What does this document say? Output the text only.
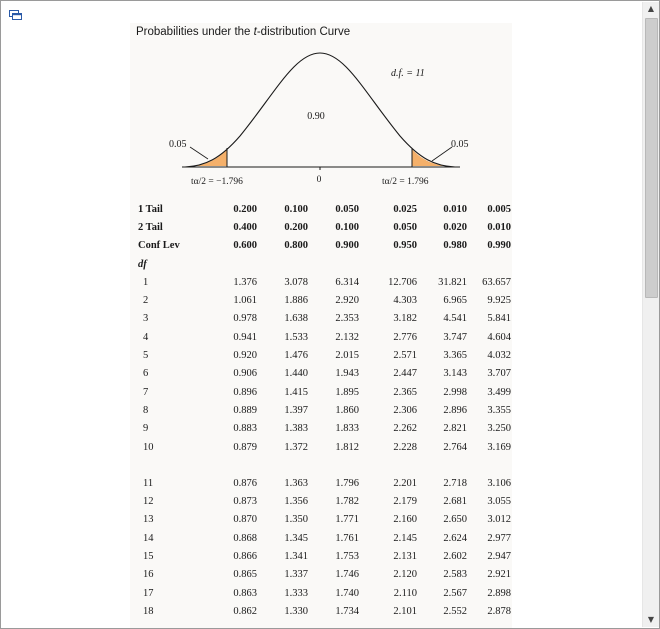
Probabilities under the t-distribution Curve
d.f. = 11
0.90
0.05	0.05
tα/2 = −1.796	0	tα/2 = 1.796
1 Tail	0.200	0.100	0.050	0.025	0.010	0.005
2 Tail	0.400	0.200	0.100	0.050	0.020	0.010
Conf Lev	0.600	0.800	0.900	0.950	0.980	0.990
df						
1	1.376	3.078	6.314	12.706	31.821	63.657
2	1.061	1.886	2.920	4.303	6.965	9.925
3	0.978	1.638	2.353	3.182	4.541	5.841
4	0.941	1.533	2.132	2.776	3.747	4.604
5	0.920	1.476	2.015	2.571	3.365	4.032
6	0.906	1.440	1.943	2.447	3.143	3.707
7	0.896	1.415	1.895	2.365	2.998	3.499
8	0.889	1.397	1.860	2.306	2.896	3.355
9	0.883	1.383	1.833	2.262	2.821	3.250
10	0.879	1.372	1.812	2.228	2.764	3.169

11	0.876	1.363	1.796	2.201	2.718	3.106
12	0.873	1.356	1.782	2.179	2.681	3.055
13	0.870	1.350	1.771	2.160	2.650	3.012
14	0.868	1.345	1.761	2.145	2.624	2.977
15	0.866	1.341	1.753	2.131	2.602	2.947
16	0.865	1.337	1.746	2.120	2.583	2.921
17	0.863	1.333	1.740	2.110	2.567	2.898
18	0.862	1.330	1.734	2.101	2.552	2.878
▲
▼
